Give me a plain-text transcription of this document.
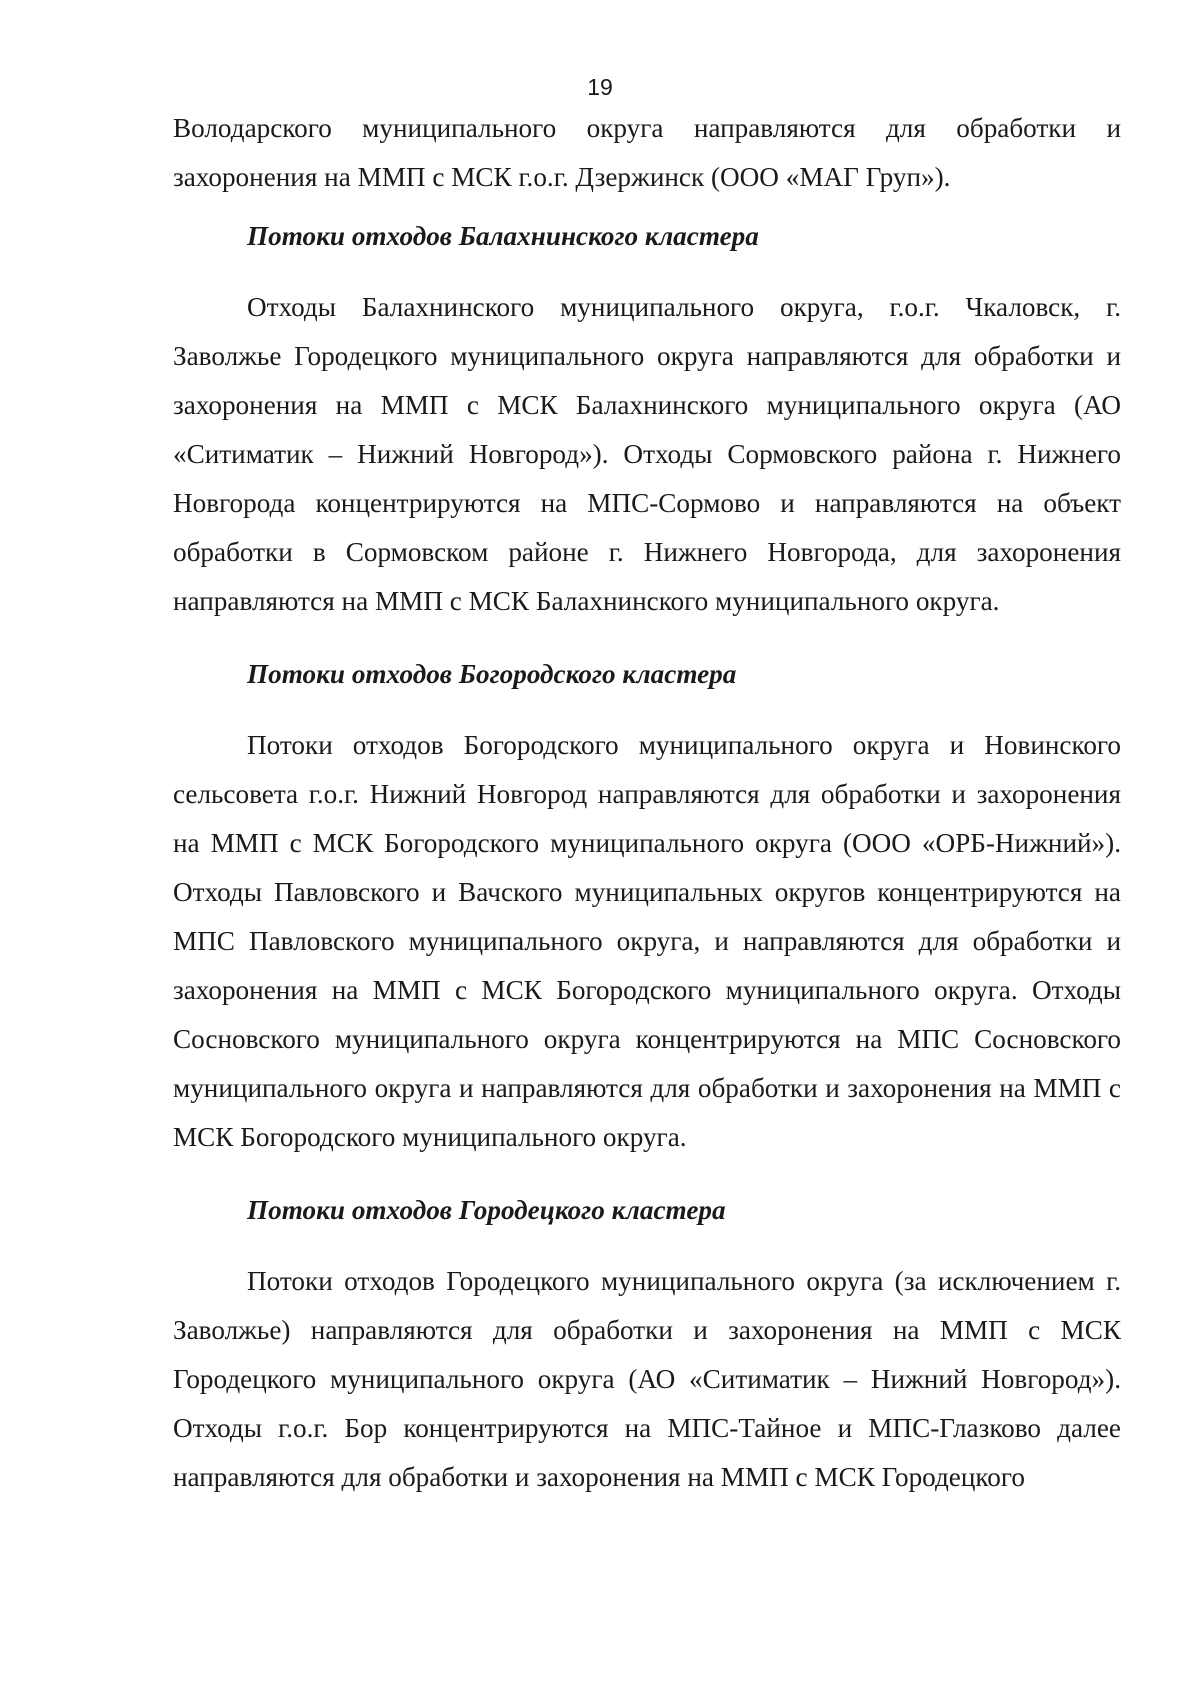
19

Володарского муниципального округа направляются для обработки и захоронения на ММП с МСК г.о.г. Дзержинск (ООО «МАГ Груп»).

Потоки отходов Балахнинского кластера

Отходы Балахнинского муниципального округа, г.о.г. Чкаловск, г. Заволжье Городецкого муниципального округа направляются для обработки и захоронения на ММП с МСК Балахнинского муниципального округа (АО «Ситиматик – Нижний Новгород»). Отходы Сормовского района г. Нижнего Новгорода концентрируются на МПС-Сормово и направляются на объект обработки в Сормовском районе г. Нижнего Новгорода, для захоронения направляются на ММП с МСК Балахнинского муниципального округа.

Потоки отходов Богородского кластера

Потоки отходов Богородского муниципального округа и Новинского сельсовета г.о.г. Нижний Новгород направляются для обработки и захоронения на ММП с МСК Богородского муниципального округа (ООО «ОРБ-Нижний»). Отходы Павловского и Вачского муниципальных округов концентрируются на МПС Павловского муниципального округа, и направляются для обработки и захоронения на ММП с МСК Богородского муниципального округа. Отходы Сосновского муниципального округа концентрируются на МПС Сосновского муниципального округа и направляются для обработки и захоронения на ММП с МСК Богородского муниципального округа.

Потоки отходов Городецкого кластера

Потоки отходов Городецкого муниципального округа (за исключением г. Заволжье) направляются для обработки и захоронения на ММП с МСК Городецкого муниципального округа (АО «Ситиматик – Нижний Новгород»). Отходы г.о.г. Бор концентрируются на МПС-Тайное и МПС-Глазково далее направляются для обработки и захоронения на ММП с МСК Городецкого
